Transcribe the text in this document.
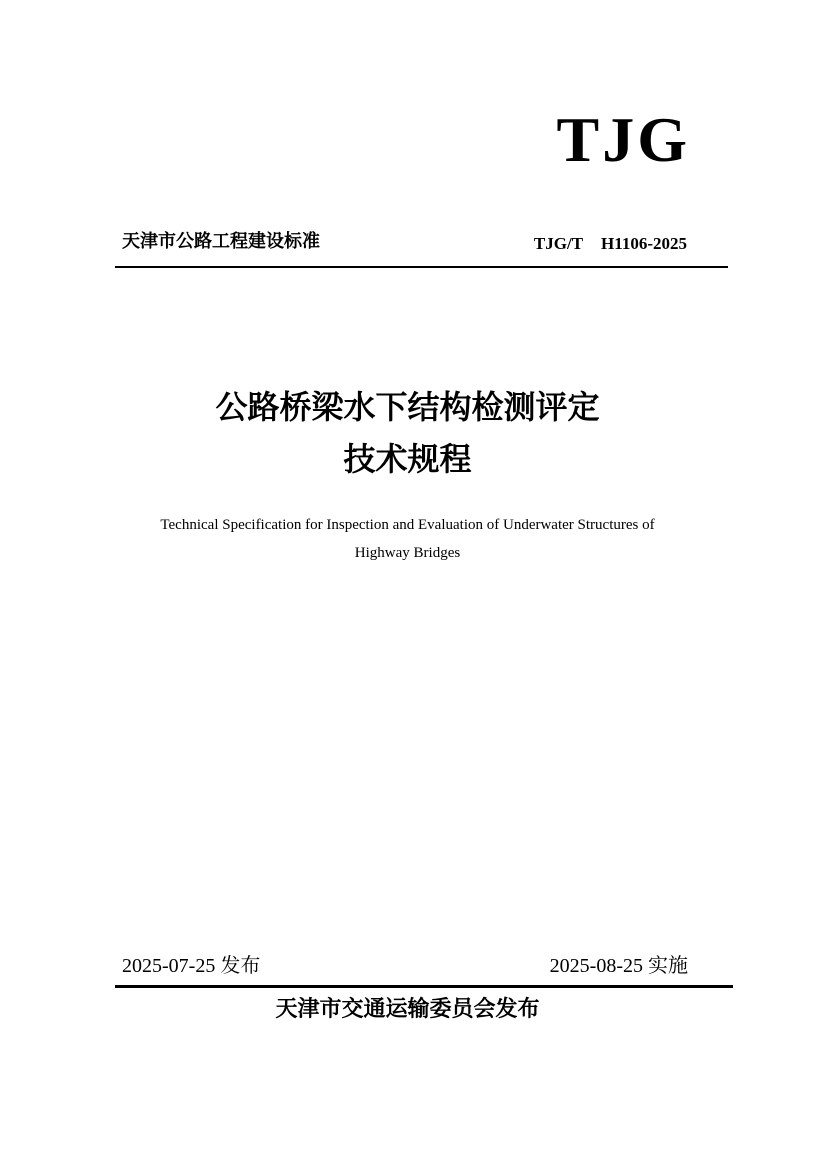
TJG
天津市公路工程建设标准	TJG/T H1106-2025
公路桥梁水下结构检测评定
技术规程
Technical Specification for Inspection and Evaluation of Underwater Structures of
Highway Bridges
2025-07-25 发布	2025-08-25 实施
天津市交通运输委员会发布
